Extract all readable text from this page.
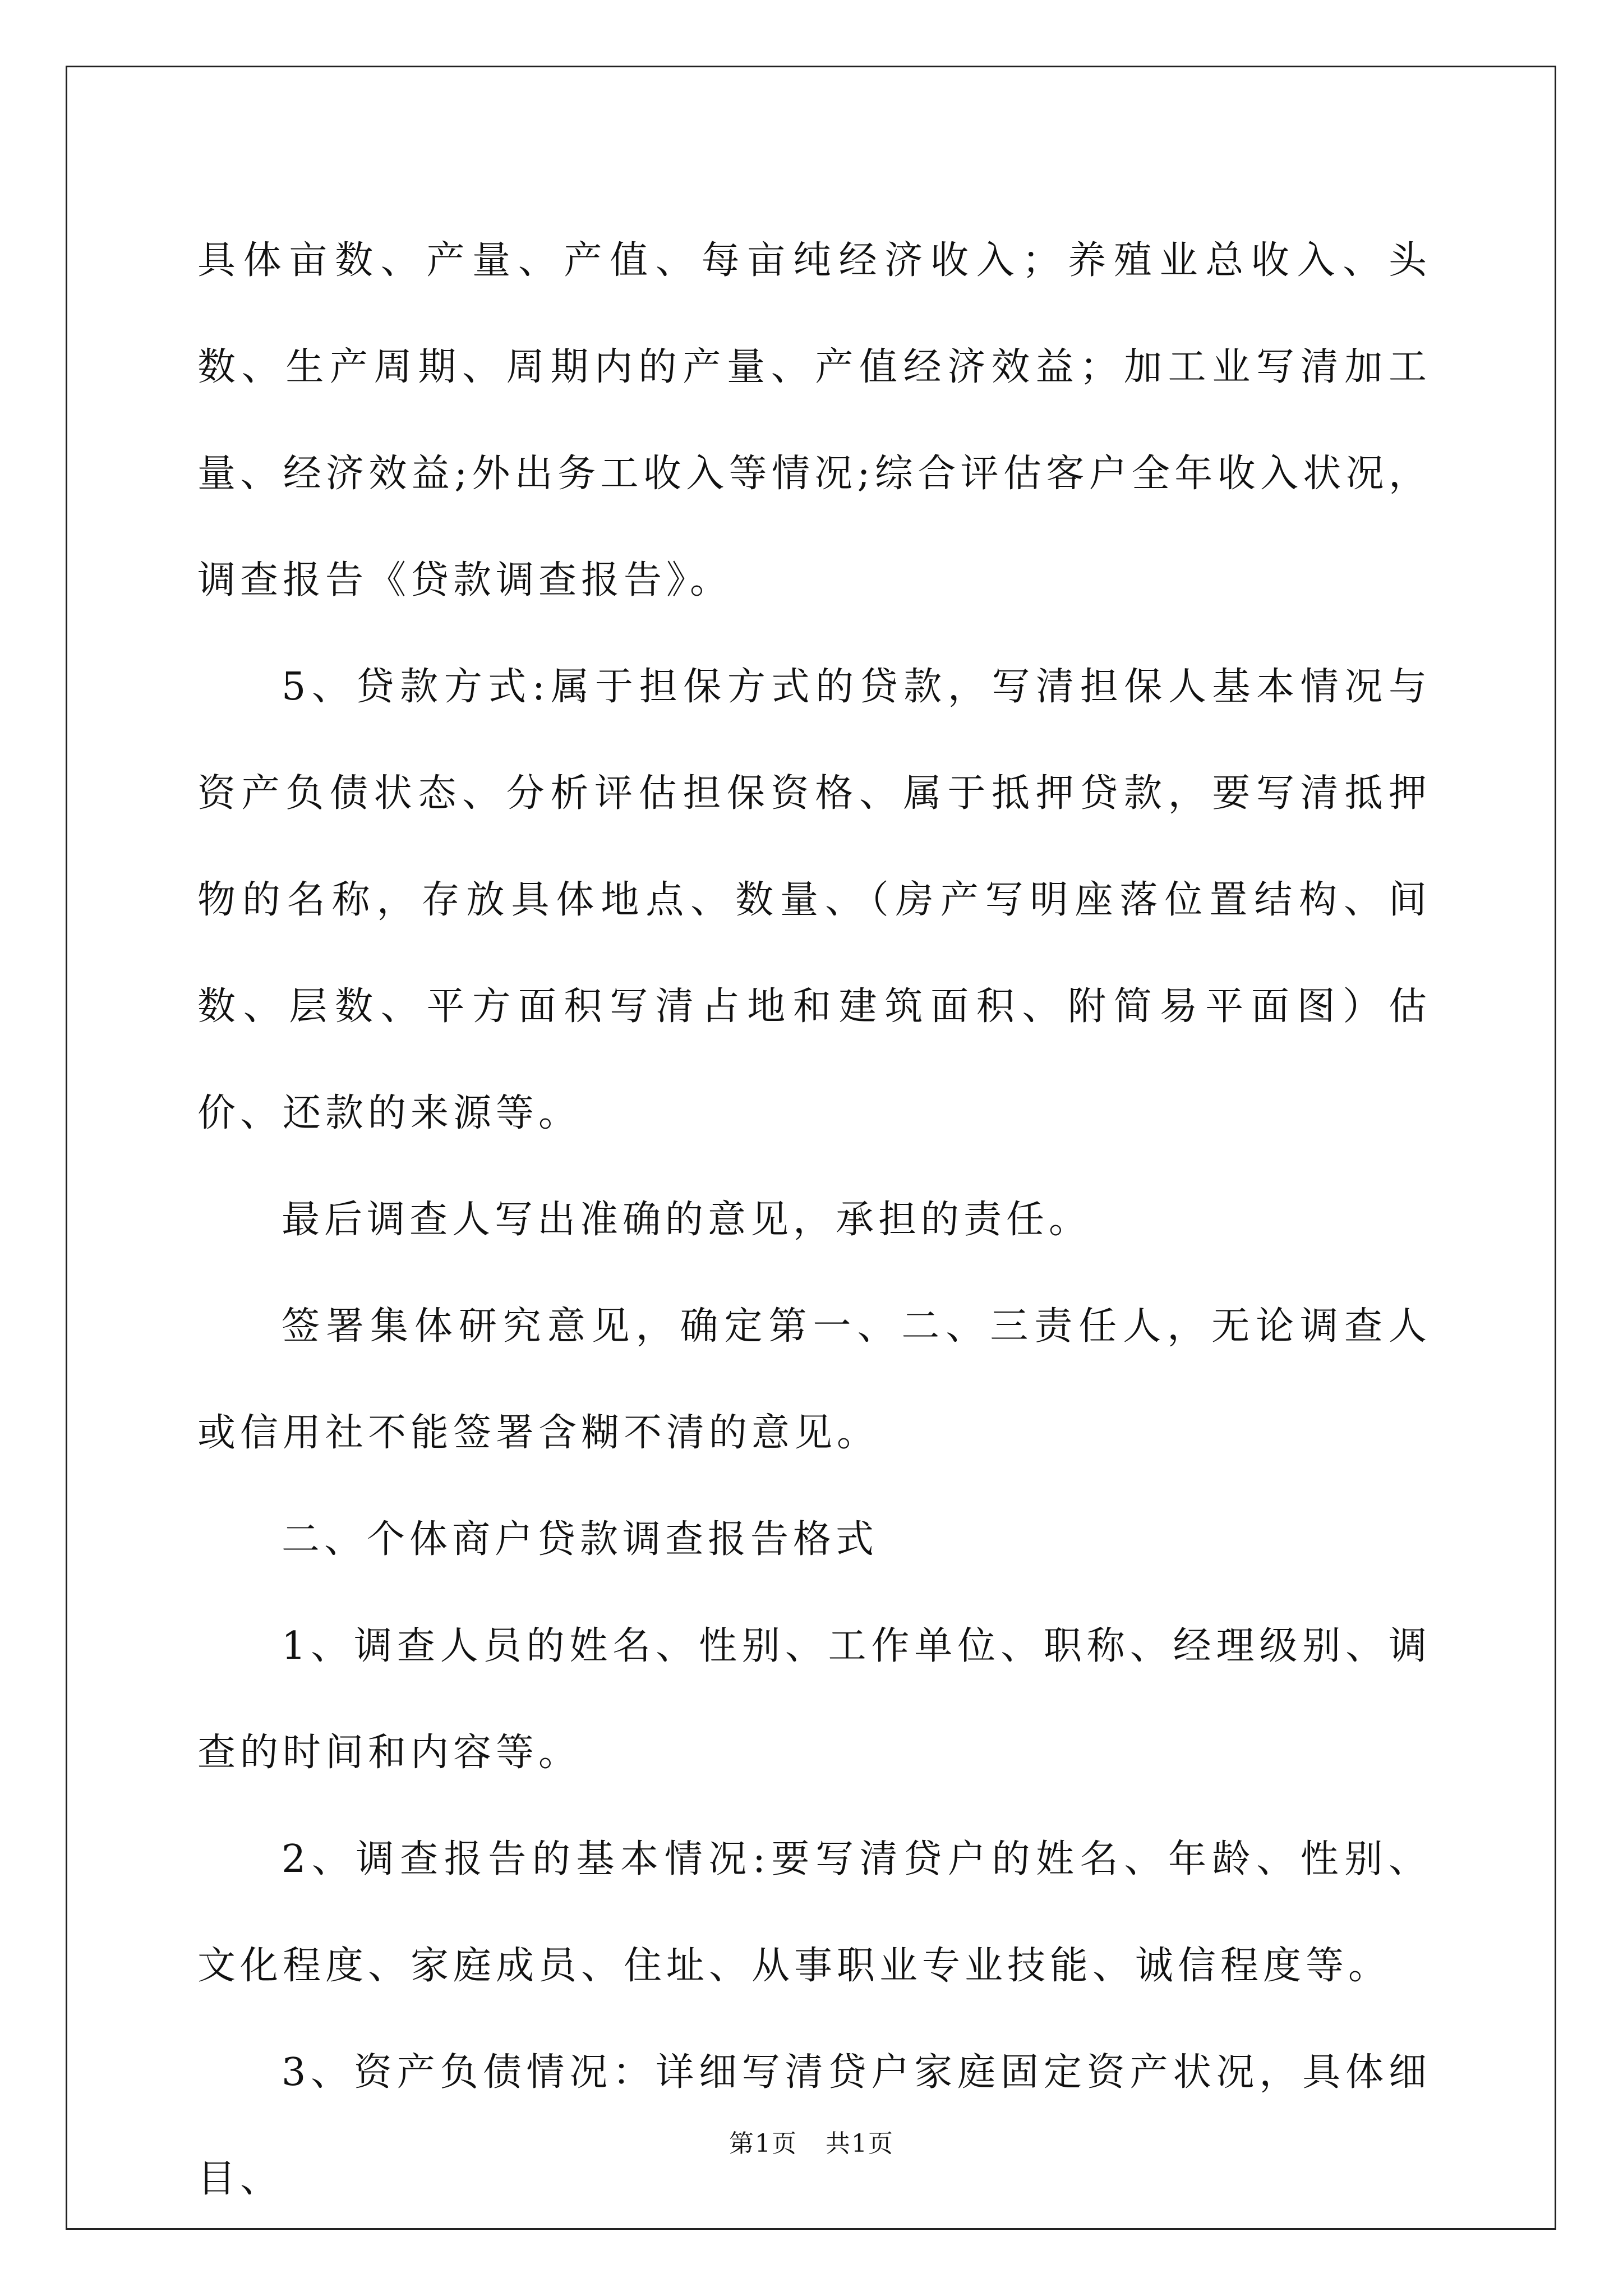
具体亩数、产量、产值、每亩纯经济收入；养殖业总收入、头数、生产周期、周期内的产量、产值经济效益；加工业写清加工量、经济效益;外出务工收入等情况;综合评估客户全年收入状况，调查报告《贷款调查报告》。

5、贷款方式:属于担保方式的贷款，写清担保人基本情况与资产负债状态、分析评估担保资格、属于抵押贷款，要写清抵押物的名称，存放具体地点、数量、（房产写明座落位置结构、间数、层数、平方面积写清占地和建筑面积、附简易平面图）估价、还款的来源等。

最后调查人写出准确的意见，承担的责任。

签署集体研究意见，确定第一、二、三责任人，无论调查人或信用社不能签署含糊不清的意见。

二、个体商户贷款调查报告格式

1、调查人员的姓名、性别、工作单位、职称、经理级别、调查的时间和内容等。

2、调查报告的基本情况:要写清贷户的姓名、年龄、性别、文化程度、家庭成员、住址、从事职业专业技能、诚信程度等。

3、资产负债情况：详细写清贷户家庭固定资产状况，具体细目、

第1页 共1页
